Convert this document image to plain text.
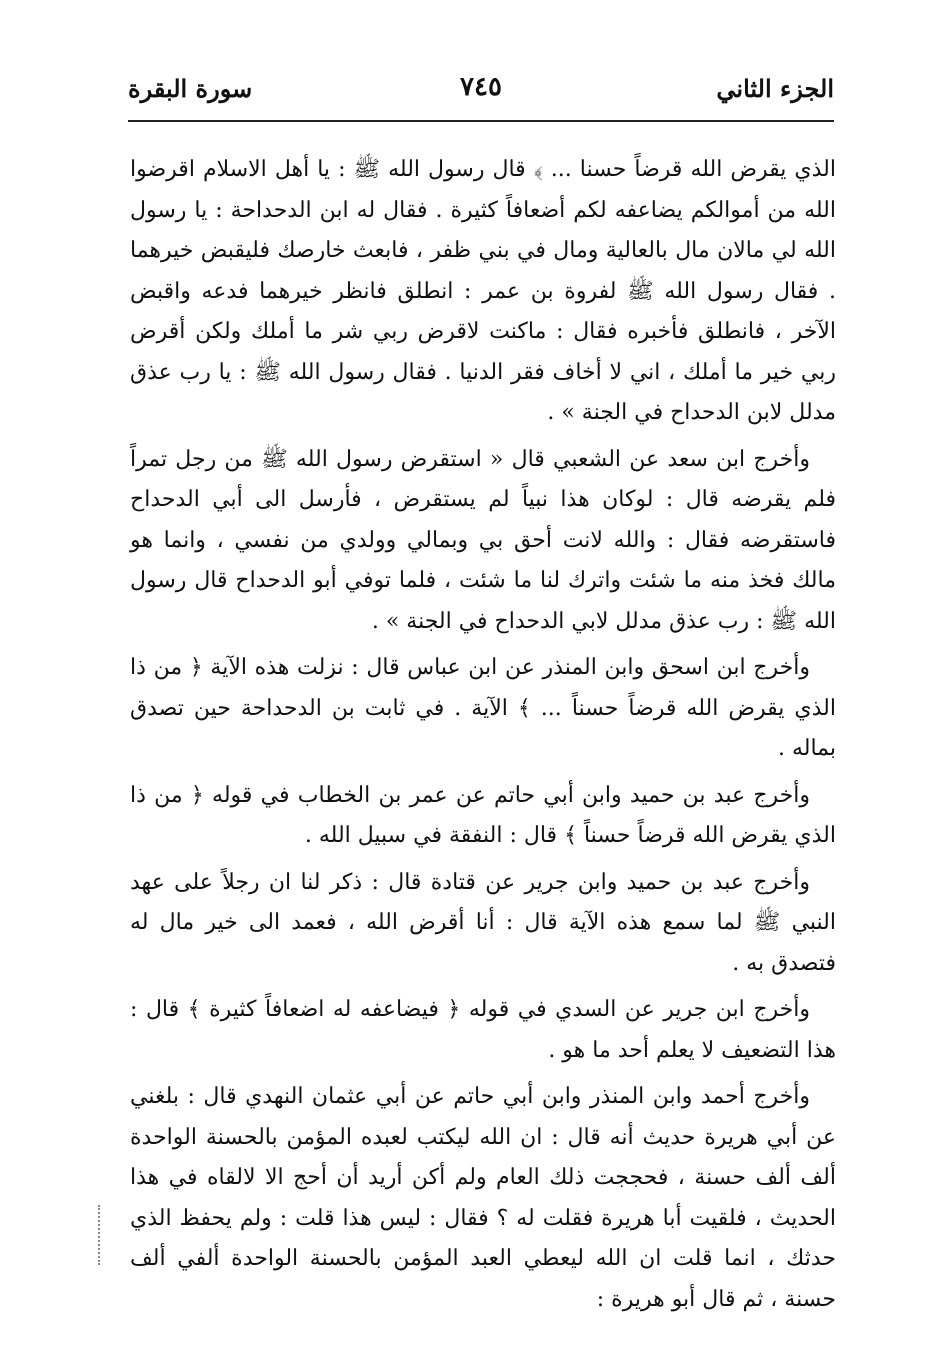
الجزء الثاني
٧٤٥
سورة البقرة

الذي يقرض الله قرضاً حسنا ... ﴾ قال رسول الله ﷺ : يا أهل الاسلام اقرضوا الله من أموالكم يضاعفه لكم أضعافاً كثيرة . فقال له ابن الدحداحة : يا رسول الله لي مالان مال بالعالية ومال في بني ظفر ، فابعث خارصك فليقبض خيرهما . فقال رسول الله ﷺ لفروة بن عمر : انطلق فانظر خيرهما فدعه واقبض الآخر ، فانطلق فأخبره فقال : ماكنت لاقرض ربي شر ما أملك ولكن أقرض ربي خير ما أملك ، اني لا أخاف فقر الدنيا . فقال رسول الله ﷺ : يا رب عذق مدلل لابن الدحداح في الجنة » .

وأخرج ابن سعد عن الشعبي قال « استقرض رسول الله ﷺ من رجل تمراً فلم يقرضه قال : لوكان هذا نبياً لم يستقرض ، فأرسل الى أبي الدحداح فاستقرضه فقال : والله لانت أحق بي وبمالي وولدي من نفسي ، وانما هو مالك فخذ منه ما شئت واترك لنا ما شئت ، فلما توفي أبو الدحداح قال رسول الله ﷺ : رب عذق مدلل لابي الدحداح في الجنة » .

وأخرج ابن اسحق وابن المنذر عن ابن عباس قال : نزلت هذه الآية ﴿ من ذا الذي يقرض الله قرضاً حسناً ... ﴾ الآية . في ثابت بن الدحداحة حين تصدق بماله .

وأخرج عبد بن حميد وابن أبي حاتم عن عمر بن الخطاب في قوله ﴿ من ذا الذي يقرض الله قرضاً حسناً ﴾ قال : النفقة في سبيل الله .

وأخرج عبد بن حميد وابن جرير عن قتادة قال : ذكر لنا ان رجلاً على عهد النبي ﷺ لما سمع هذه الآية قال : أنا أقرض الله ، فعمد الى خير مال له فتصدق به .

وأخرج ابن جرير عن السدي في قوله ﴿ فيضاعفه له اضعافاً كثيرة ﴾ قال : هذا التضعيف لا يعلم أحد ما هو .

وأخرج أحمد وابن المنذر وابن أبي حاتم عن أبي عثمان النهدي قال : بلغني عن أبي هريرة حديث أنه قال : ان الله ليكتب لعبده المؤمن بالحسنة الواحدة ألف ألف حسنة ، فحججت ذلك العام ولم أكن أريد أن أحج الا لالقاه في هذا الحديث ، فلقيت أبا هريرة فقلت له ؟ فقال : ليس هذا قلت : ولم يحفظ الذي حدثك ، انما قلت ان الله ليعطي العبد المؤمن بالحسنة الواحدة ألفي ألف حسنة ، ثم قال أبو هريرة :
